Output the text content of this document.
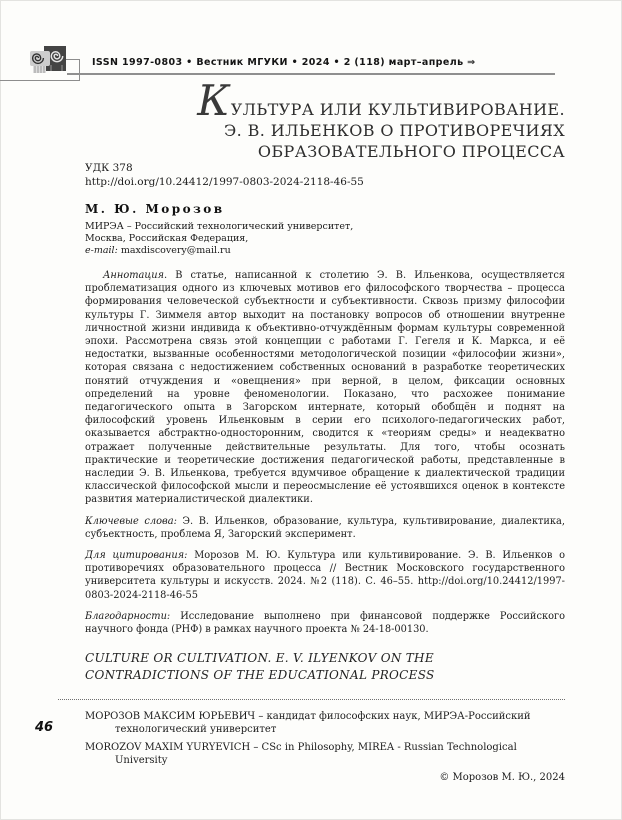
ISSN 1997-0803 • Вестник МГУКИ • 2024 • 2 (118) март–апрель ⇒
КУЛЬТУРА ИЛИ КУЛЬТИВИРОВАНИЕ.
Э. В. ИЛЬЕНКОВ О ПРОТИВОРЕЧИЯХ
ОБРАЗОВАТЕЛЬНОГО ПРОЦЕССА

УДК 378

http://doi.org/10.24412/1997-0803-2024-2118-46-55

М. Ю. Морозов

МИРЭА – Российский технологический университет,
Москва, Российская Федерация,
e-mail: maxdiscovery@mail.ru

Аннотация. В статье, написанной к столетию Э. В. Ильенкова, осуществляется проблематизация одного из ключевых мотивов его философского творчества – процесса формирования человеческой субъектности и субъективности. Сквозь призму философии культуры Г. Зиммеля автор выходит на постановку вопросов об отношении внутренне личностной жизни индивида к объективно-отчуждённым формам культуры современной эпохи. Рассмотрена связь этой концепции с работами Г. Гегеля и К. Маркса, и её недостатки, вызванные особенностями методологической позиции «философии жизни», которая связана с недостижением собственных оснований в разработке теоретических понятий отчуждения и «овещнения» при верной, в целом, фиксации основных определений на уровне феноменологии. Показано, что расхожее понимание педагогического опыта в Загорском интернате, который обобщён и поднят на философский уровень Ильенковым в серии его психолого-педагогических работ, оказывается абстрактно-односторонним, сводится к «теориям среды» и неадекватно отражает полученные действительные результаты. Для того, чтобы осознать практические и теоретические достижения педагогической работы, представленные в наследии Э. В. Ильенкова, требуется вдумчивое обращение к диалектической традиции классической философской мысли и переосмысление её устоявшихся оценок в контексте развития материалистической диалектики.

Ключевые слова: Э. В. Ильенков, образование, культура, культивирование, диалектика, субъектность, проблема Я, Загорский эксперимент.

Для цитирования: Морозов М. Ю. Культура или культивирование. Э. В. Ильенков о противоречиях образовательного процесса // Вестник Московского государственного университета культуры и искусств. 2024. №2 (118). С. 46–55. http://doi.org/10.24412/1997-0803-2024-2118-46-55

Благодарности: Исследование выполнено при финансовой поддержке Российского научного фонда (РНФ) в рамках научного проекта № 24-18-00130.

CULTURE OR CULTIVATION. E. V. ILYENKOV ON THE
CONTRADICTIONS OF THE EDUCATIONAL PROCESS

МОРОЗОВ МАКСИМ ЮРЬЕВИЧ – кандидат философских наук, МИРЭА-Российский технологический университет

MOROZOV MAXIM YURYEVICH – CSc in Philosophy, MIREA - Russian Technological University

© Морозов М. Ю., 2024

46
